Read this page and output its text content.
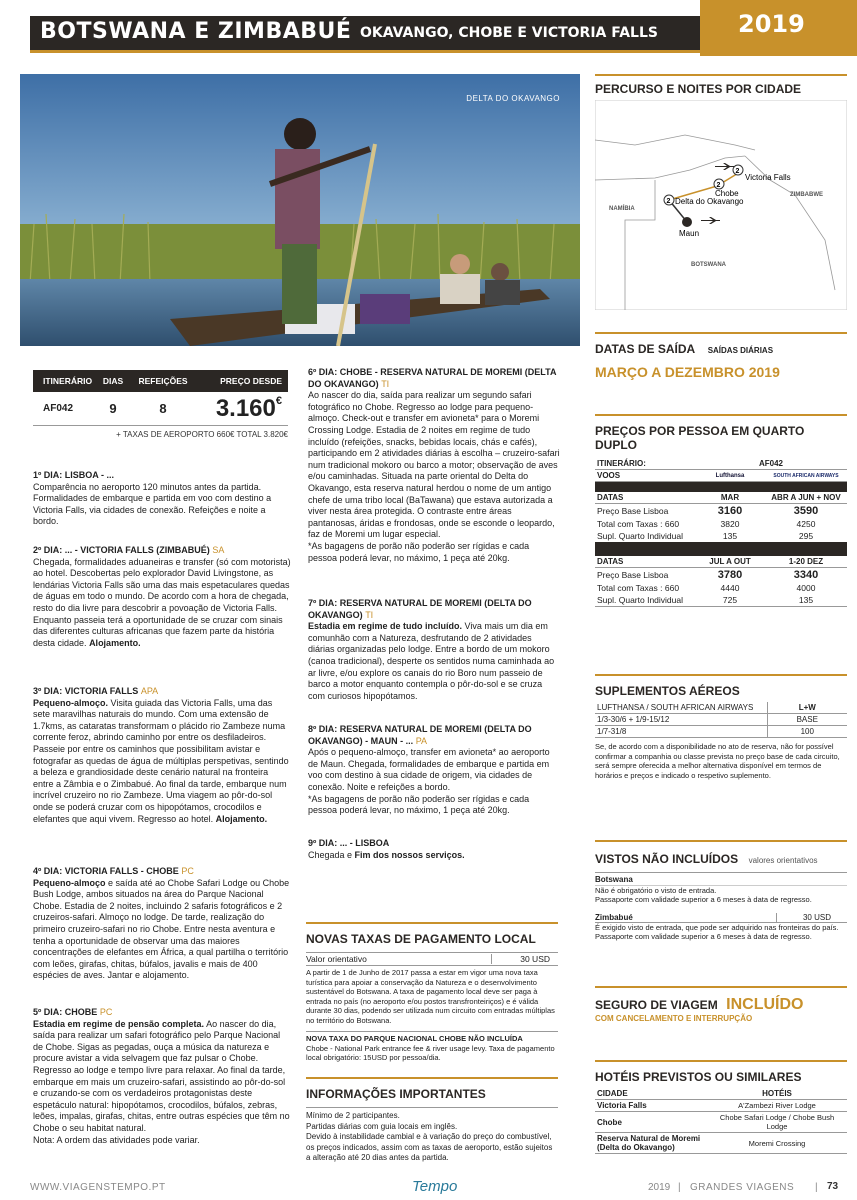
BOTSWANA E ZIMBABUÉ OKAVANGO, CHOBE E VICTORIA FALLS	2019
DELTA DO OKAVANGO
ITINERÁRIO	DIAS	REFEIÇÕES	PREÇO DESDE
AF042	9	8	3.160€
+ TAXAS DE AEROPORTO 660€ TOTAL 3.820€
1º DIA: LISBOA - ...

Comparência no aeroporto 120 minutos antes da partida. Formalidades de embarque e partida em voo com destino a Victoria Falls, via cidades de conexão. Refeições e noite a bordo.

2º DIA: ... - VICTORIA FALLS (ZIMBABUÉ) SA

Chegada, formalidades aduaneiras e transfer (só com motorista) ao hotel. Descobertas pelo explorador David Livingstone, as lendárias Victoria Falls são uma das mais espetaculares quedas de águas em todo o mundo. De acordo com a hora de chegada, resto do dia livre para descobrir a povoação de Victoria Falls. Enquanto passeia terá a oportunidade de se cruzar com sinais das diferentes culturas africanas que fazem parte da história desta cidade. Alojamento.

3º DIA: VICTORIA FALLS APA

Pequeno-almoço. Visita guiada das Victoria Falls, uma das sete maravilhas naturais do mundo. Com uma extensão de 1.7kms, as cataratas transformam o plácido rio Zambeze numa corrente feroz, abrindo caminho por entre os desfiladeiros. Passeie por entre os caminhos que possibilitam avistar e fotografar as quedas de água de múltiplas perspetivas, sentindo a beleza e grandiosidade deste cenário natural na fronteira entre a Zâmbia e o Zimbabué. Ao final da tarde, embarque num incrível cruzeiro no rio Zambeze. Uma viagem ao pôr-do-sol onde se poderá cruzar com os hipopótamos, crocodilos e elefantes que aqui vivem. Regresso ao hotel. Alojamento.

4º DIA: VICTORIA FALLS - CHOBE PC

Pequeno-almoço e saída até ao Chobe Safari Lodge ou Chobe Bush Lodge, ambos situados na área do Parque Nacional Chobe. Estadia de 2 noites, incluindo 2 safaris fotográficos e 2 cruzeiros-safari. Almoço no lodge. De tarde, realização do primeiro cruzeiro-safari no rio Chobe. Entre nesta aventura e tenha a oportunidade de observar uma das maiores concentrações de elefantes em África, a qual partilha o território com leões, girafas, chitas, búfalos, javalis e mais de 400 espécies de aves. Jantar e alojamento.

5º DIA: CHOBE PC

Estadia em regime de pensão completa. Ao nascer do dia, saída para realizar um safari fotográfico pelo Parque Nacional de Chobe. Sigas as pegadas, ouça a música da natureza e procure avistar a vida selvagem que faz pulsar o Chobe. Regresso ao lodge e tempo livre para relaxar. Ao final da tarde, embarque em mais um cruzeiro-safari, assistindo ao pôr-do-sol e cruzando-se com os verdadeiros protagonistas deste espetáculo natural: hipopótamos, crocodilos, búfalos, zebras, leões, impalas, girafas, chitas, entre outras espécies que têm no Chobe o seu habitat natural.

Nota: A ordem das atividades pode variar.

6º DIA: CHOBE - RESERVA NATURAL DE MOREMI (DELTA DO OKAVANGO) TI

Ao nascer do dia, saída para realizar um segundo safari fotográfico no Chobe. Regresso ao lodge para pequeno-almoço. Check-out e transfer em avioneta* para o Moremi Crossing Lodge. Estadia de 2 noites em regime de tudo incluído (refeições, snacks, bebidas locais, chás e cafés), participando em 2 atividades diárias à escolha – cruzeiro-safari num tradicional mokoro ou barco a motor; observação de aves e/ou caminhadas. Situada na parte oriental do Delta do Okavango, esta reserva natural herdou o nome de um antigo chefe de uma tribo local (BaTawana) que estava autorizada a viver nesta área protegida. O contraste entre áreas pantanosas, áridas e frondosas, onde se esconde o leopardo, faz de Moremi um lugar especial.

*As bagagens de porão não poderão ser rígidas e cada pessoa poderá levar, no máximo, 1 peça até 20kg.

7º DIA: RESERVA NATURAL DE MOREMI (DELTA DO OKAVANGO) TI

Estadia em regime de tudo incluído. Viva mais um dia em comunhão com a Natureza, desfrutando de 2 atividades diárias organizadas pelo lodge. Entre a bordo de um mokoro (canoa tradicional), desperte os sentidos numa caminhada ao ar livre, e/ou explore os canais do rio Boro num passeio de barco a motor enquanto contempla o pôr-do-sol e se cruza com curiosos hipopótamos.

8º DIA: RESERVA NATURAL DE MOREMI (DELTA DO OKAVANGO) - MAUN - ... PA

Após o pequeno-almoço, transfer em avioneta* ao aeroporto de Maun. Chegada, formalidades de embarque e partida em voo com destino à sua cidade de origem, via cidades de conexão. Noite e refeições a bordo.

*As bagagens de porão não poderão ser rígidas e cada pessoa poderá levar, no máximo, 1 peça até 20kg.

9º DIA: ... - LISBOA

Chegada e Fim dos nossos serviços.

NOVAS TAXAS DE PAGAMENTO LOCAL
Valor orientativo	30 USD

A partir de 1 de Junho de 2017 passa a estar em vigor uma nova taxa turística para apoiar a conservação da Natureza e o desenvolvimento sustentável do Botswana. A taxa de pagamento local deve ser paga à entrada no país (no aeroporto e/ou postos transfronteiriços) e é válida durante 30 dias, podendo ser utilizada num circuito com entradas múltiplas no território do Botswana.

NOVA TAXA DO PARQUE NACIONAL CHOBE NÃO INCLUÍDA

Chobe - National Park entrance fee & river usage levy. Taxa de pagamento local obrigatório: 15USD por pessoa/dia.

INFORMAÇÕES IMPORTANTES

Mínimo de 2 participantes.

Partidas diárias com guia locais em inglês.

Devido à instabilidade cambial e à variação do preço do combustível, os preços indicados, assim com as taxas de aeroporto, estão sujeitos a alteração até 20 dias antes da partida.

PERCURSO E NOITES POR CIDADE
2
2
2
Victoria Falls
Chobe
Delta do Okavango
Maun
NAMÍBIA
ZIMBABWE
BOTSWANA
DATAS DE SAÍDA SAÍDAS DIÁRIAS
MARÇO A DEZEMBRO 2019
PREÇOS POR PESSOA EM QUARTO DUPLO
ITINERÁRIO:	AF042	
VOOS	Lufthansa	SOUTH AFRICAN AIRWAYS

DATAS	MAR	ABR A JUN + NOV
Preço Base Lisboa	3160	3590
Total com Taxas : 660	3820	4250
Supl. Quarto Individual	135	295

DATAS	JUL A OUT	1-20 DEZ
Preço Base Lisboa	3780	3340
Total com Taxas : 660	4440	4000
Supl. Quarto Individual	725	135
SUPLEMENTOS AÉREOS
LUFTHANSA / SOUTH AFRICAN AIRWAYS	L+W
1/3-30/6 + 1/9-15/12	BASE
1/7-31/8	100

Se, de acordo com a disponibilidade no ato de reserva, não for possível confirmar a companhia ou classe prevista no preço base de cada circuito, será sempre oferecida a melhor alternativa disponível em termos de horários e preços e indicado o respetivo suplemento.

VISTOS NÃO INCLUÍDOS valores orientativos

Botswana

Não é obrigatório o visto de entrada.
Passaporte com validade superior a 6 meses à data de regresso.

Zimbabué	30 USD

É exigido visto de entrada, que pode ser adquirido nas fronteiras do país.
Passaporte com validade superior a 6 meses à data de regresso.

SEGURO DE VIAGEM INCLUÍDO
COM CANCELAMENTO E INTERRUPÇÃO
HOTÉIS PREVISTOS OU SIMILARES
CIDADE	HOTÉIS
Victoria Falls	A'Zambezi River Lodge
Chobe	Chobe Safari Lodge / Chobe Bush Lodge
Reserva Natural de Moremi (Delta do Okavango)	Moremi Crossing
WWW.VIAGENSTEMPO.PT	Tempo	2019 | GRANDES VIAGENS | 73
